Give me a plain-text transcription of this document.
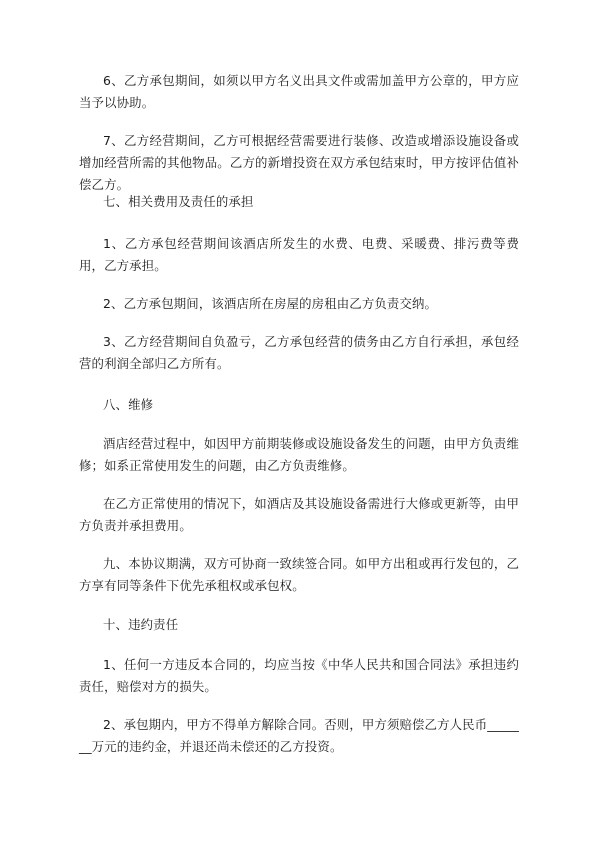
6、乙方承包期间，如须以甲方名义出具文件或需加盖甲方公章的，甲方应当予以协助。

7、乙方经营期间，乙方可根据经营需要进行装修、改造或增添设施设备或增加经营所需的其他物品。乙方的新增投资在双方承包结束时，甲方按评估值补偿乙方。

七、相关费用及责任的承担

1、乙方承包经营期间该酒店所发生的水费、电费、采暖费、排污费等费用，乙方承担。

2、乙方承包期间，该酒店所在房屋的房租由乙方负责交纳。

3、乙方经营期间自负盈亏，乙方承包经营的债务由乙方自行承担，承包经营的利润全部归乙方所有。

八、维修

酒店经营过程中，如因甲方前期装修或设施设备发生的问题，由甲方负责维修；如系正常使用发生的问题，由乙方负责维修。

在乙方正常使用的情况下，如酒店及其设施设备需进行大修或更新等，由甲方负责并承担费用。

九、本协议期满，双方可协商一致续签合同。如甲方出租或再行发包的，乙方享有同等条件下优先承租权或承包权。

十、违约责任

1、任何一方违反本合同的，均应当按《中华人民共和国合同法》承担违约责任，赔偿对方的损失。

2、承包期内，甲方不得单方解除合同。否则，甲方须赔偿乙方人民币_______万元的违约金，并退还尚未偿还的乙方投资。
